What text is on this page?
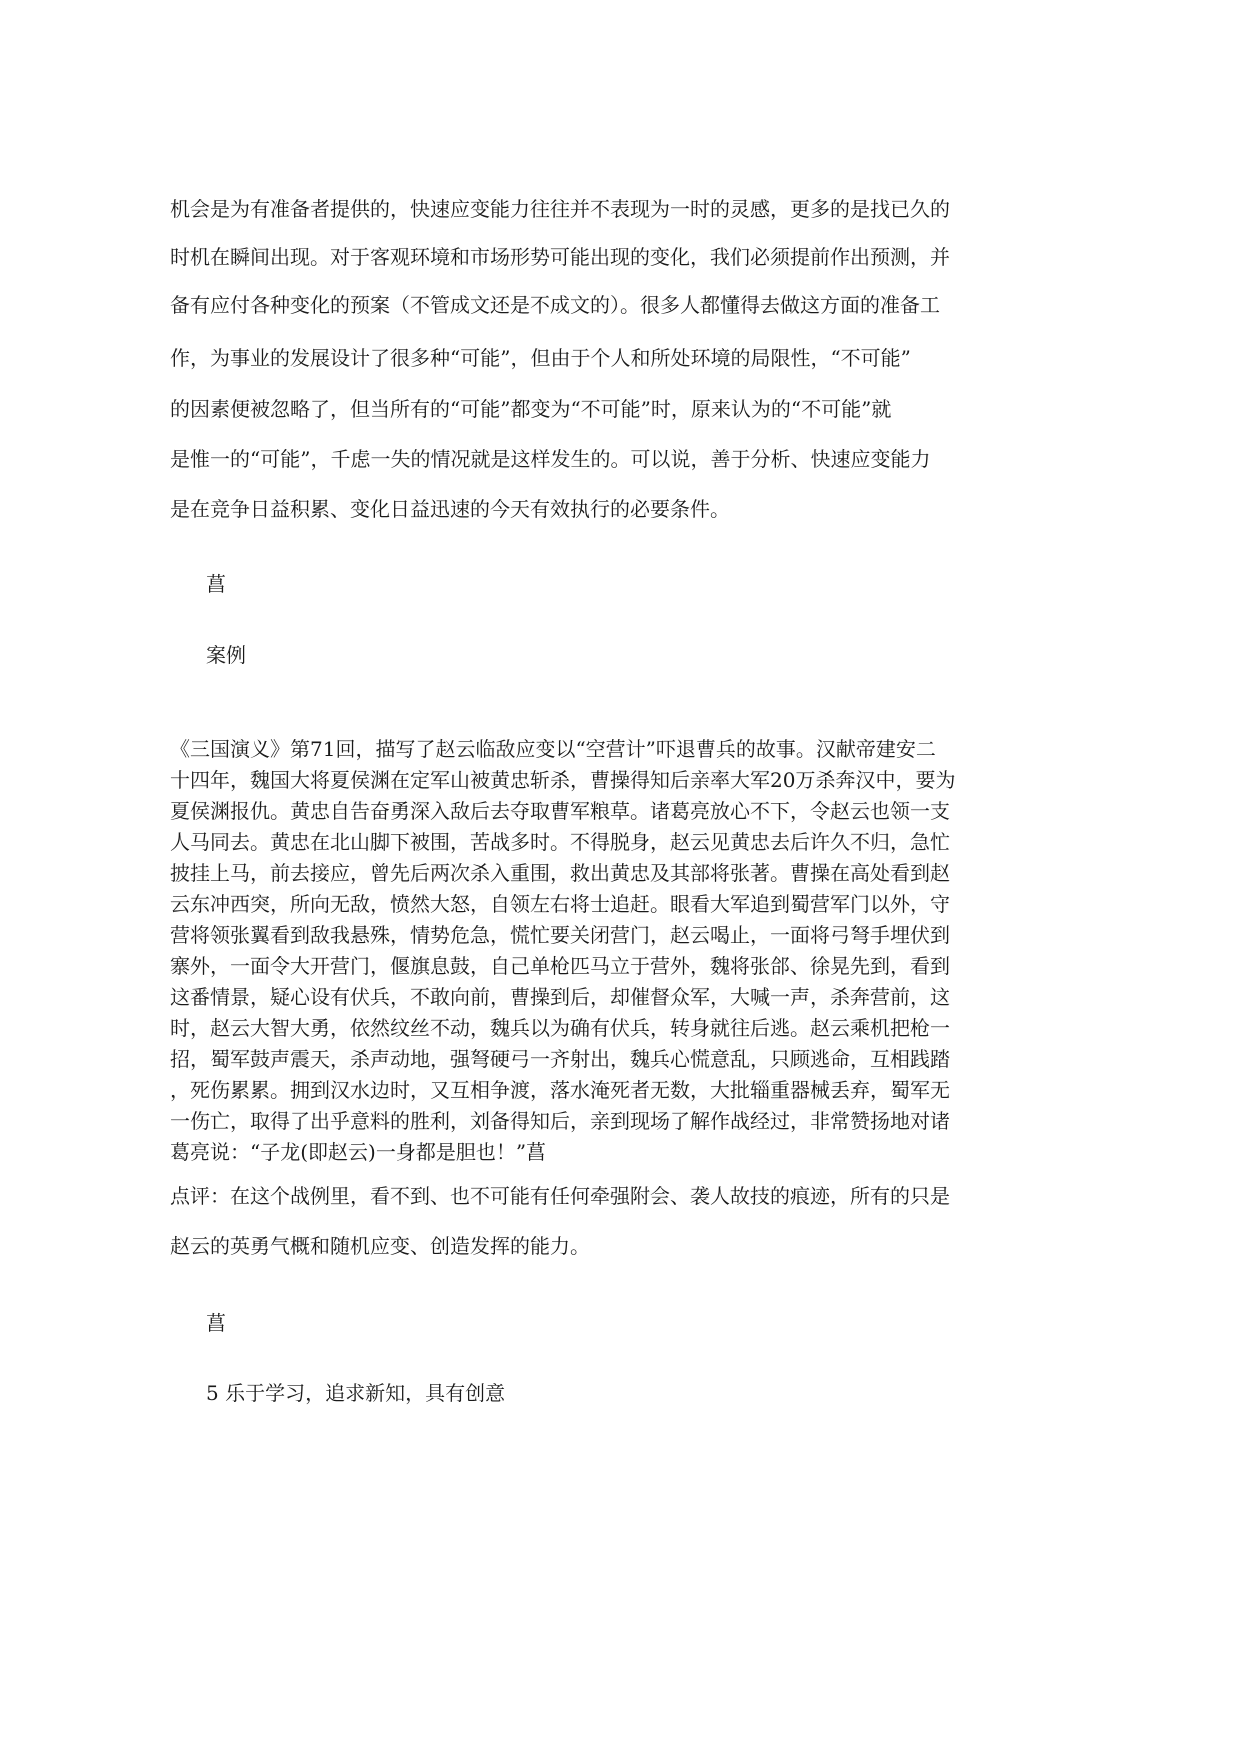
机会是为有准备者提供的，快速应变能力往往并不表现为一时的灵感，更多的是找已久的
时机在瞬间出现。对于客观环境和市场形势可能出现的变化，我们必须提前作出预测，并
备有应付各种变化的预案（不管成文还是不成文的）。很多人都懂得去做这方面的准备工
作，为事业的发展设计了很多种“可能”，但由于个人和所处环境的局限性，“不可能”
的因素便被忽略了，但当所有的“可能”都变为“不可能”时，原来认为的“不可能”就
是惟一的“可能”，千虑一失的情况就是这样发生的。可以说，善于分析、快速应变能力
是在竞争日益积累、变化日益迅速的今天有效执行的必要条件。
菖
案例
《三国演义》第71回，描写了赵云临敌应变以“空营计”吓退曹兵的故事。汉献帝建安二
十四年，魏国大将夏侯渊在定军山被黄忠斩杀，曹操得知后亲率大军20万杀奔汉中，要为
夏侯渊报仇。黄忠自告奋勇深入敌后去夺取曹军粮草。诸葛亮放心不下，令赵云也领一支
人马同去。黄忠在北山脚下被围，苦战多时。不得脱身，赵云见黄忠去后许久不归，急忙
披挂上马，前去接应，曾先后两次杀入重围，救出黄忠及其部将张著。曹操在高处看到赵
云东冲西突，所向无敌，愤然大怒，自领左右将士追赶。眼看大军追到蜀营军门以外，守
营将领张翼看到敌我悬殊，情势危急，慌忙要关闭营门，赵云喝止，一面将弓弩手埋伏到
寨外，一面令大开营门，偃旗息鼓，自己单枪匹马立于营外，魏将张郃、徐晃先到，看到
这番情景，疑心设有伏兵，不敢向前，曹操到后，却催督众军，大喊一声，杀奔营前，这
时，赵云大智大勇，依然纹丝不动，魏兵以为确有伏兵，转身就往后逃。赵云乘机把枪一
招，蜀军鼓声震天，杀声动地，强弩硬弓一齐射出，魏兵心慌意乱，只顾逃命，互相践踏
，死伤累累。拥到汉水边时，又互相争渡，落水淹死者无数，大批辎重器械丢弃，蜀军无
一伤亡，取得了出乎意料的胜利，刘备得知后，亲到现场了解作战经过，非常赞扬地对诸
葛亮说：“子龙(即赵云)一身都是胆也！”菖
点评：在这个战例里，看不到、也不可能有任何牵强附会、袭人故技的痕迹，所有的只是
赵云的英勇气概和随机应变、创造发挥的能力。
菖
5 乐于学习，追求新知，具有创意
